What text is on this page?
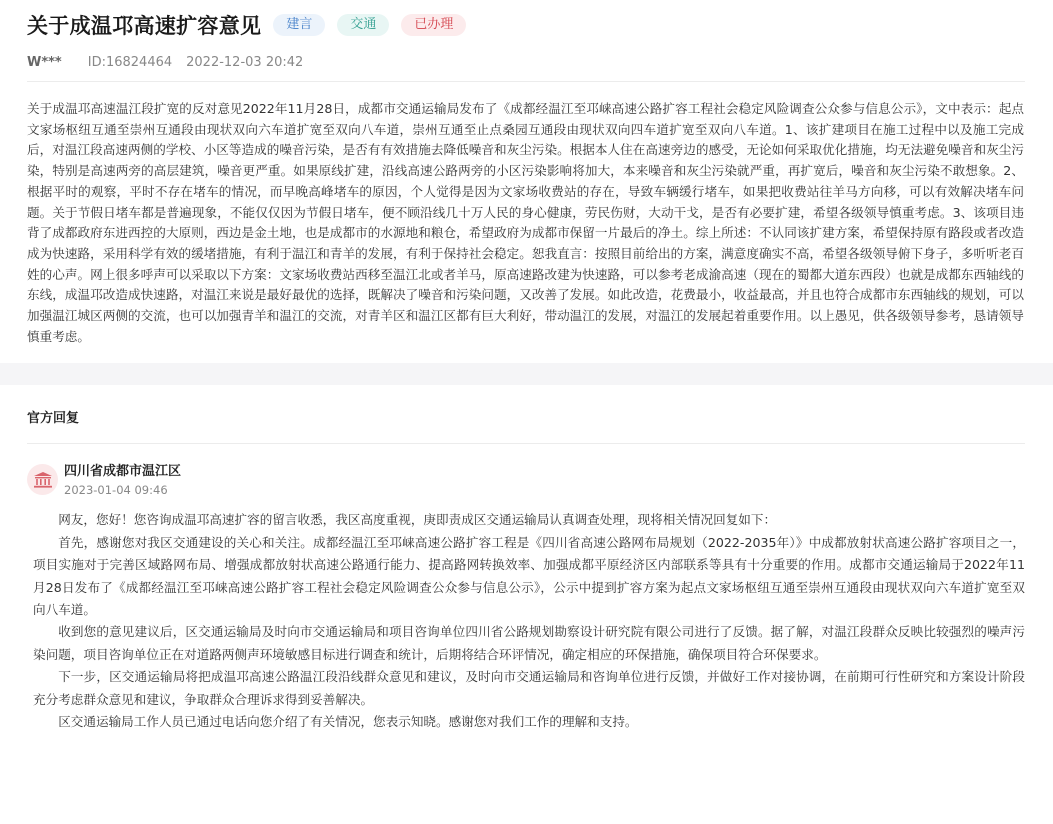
关于成温邛高速扩容意见	建言	交通	已办理
W*** ID:16824464 2022-12-03 20:42
关于成温邛高速温江段扩宽的反对意见2022年11月28日，成都市交通运输局发布了《成都经温江至邛崃高速公路扩容工程社会稳定风险调查公众参与信息公示》，文中表示：起点文家场枢纽互通至崇州互通段由现状双向六车道扩宽至双向八车道，崇州互通至止点桑园互通段由现状双向四车道扩宽至双向八车道。1、该扩建项目在施工过程中以及施工完成后，对温江段高速两侧的学校、小区等造成的噪音污染，是否有有效措施去降低噪音和灰尘污染。根据本人住在高速旁边的感受，无论如何采取优化措施，均无法避免噪音和灰尘污染，特别是高速两旁的高层建筑，噪音更严重。如果原线扩建，沿线高速公路两旁的小区污染影响将加大，本来噪音和灰尘污染就严重，再扩宽后，噪音和灰尘污染不敢想象。2、根据平时的观察，平时不存在堵车的情况，而早晚高峰堵车的原因，个人觉得是因为文家场收费站的存在，导致车辆缓行堵车，如果把收费站往羊马方向移，可以有效解决堵车问题。关于节假日堵车都是普遍现象，不能仅仅因为节假日堵车，便不顾沿线几十万人民的身心健康，劳民伤财，大动干戈，是否有必要扩建，希望各级领导慎重考虑。3、该项目违背了成都政府东进西控的大原则，西边是金土地，也是成都市的水源地和粮仓，希望政府为成都市保留一片最后的净土。综上所述：不认同该扩建方案，希望保持原有路段或者改造成为快速路，采用科学有效的缓堵措施，有利于温江和青羊的发展，有利于保持社会稳定。恕我直言：按照目前给出的方案，满意度确实不高，希望各级领导俯下身子，多听听老百姓的心声。网上很多呼声可以采取以下方案：文家场收费站西移至温江北或者羊马，原高速路改建为快速路，可以参考老成渝高速（现在的蜀都大道东西段）也就是成都东西轴线的东线，成温邛改造成快速路，对温江来说是最好最优的选择，既解决了噪音和污染问题，又改善了发展。如此改造，花费最小，收益最高，并且也符合成都市东西轴线的规划，可以加强温江城区两侧的交流，也可以加强青羊和温江的交流，对青羊区和温江区都有巨大利好，带动温江的发展，对温江的发展起着重要作用。以上愚见，供各级领导参考，恳请领导慎重考虑。
官方回复
四川省成都市温江区
2023-01-04 09:46

网友，您好！您咨询成温邛高速扩容的留言收悉，我区高度重视，庚即责成区交通运输局认真调查处理，现将相关情况回复如下：

首先，感谢您对我区交通建设的关心和关注。成都经温江至邛崃高速公路扩容工程是《四川省高速公路网布局规划（2022-2035年）》中成都放射状高速公路扩容项目之一，项目实施对于完善区域路网布局、增强成都放射状高速公路通行能力、提高路网转换效率、加强成都平原经济区内部联系等具有十分重要的作用。成都市交通运输局于2022年11月28日发布了《成都经温江至邛崃高速公路扩容工程社会稳定风险调查公众参与信息公示》，公示中提到扩容方案为起点文家场枢纽互通至崇州互通段由现状双向六车道扩宽至双向八车道。

收到您的意见建议后，区交通运输局及时向市交通运输局和项目咨询单位四川省公路规划勘察设计研究院有限公司进行了反馈。据了解，对温江段群众反映比较强烈的噪声污染问题，项目咨询单位正在对道路两侧声环境敏感目标进行调查和统计，后期将结合环评情况，确定相应的环保措施，确保项目符合环保要求。

下一步，区交通运输局将把成温邛高速公路温江段沿线群众意见和建议，及时向市交通运输局和咨询单位进行反馈，并做好工作对接协调，在前期可行性研究和方案设计阶段充分考虑群众意见和建议，争取群众合理诉求得到妥善解决。

区交通运输局工作人员已通过电话向您介绍了有关情况，您表示知晓。感谢您对我们工作的理解和支持。
